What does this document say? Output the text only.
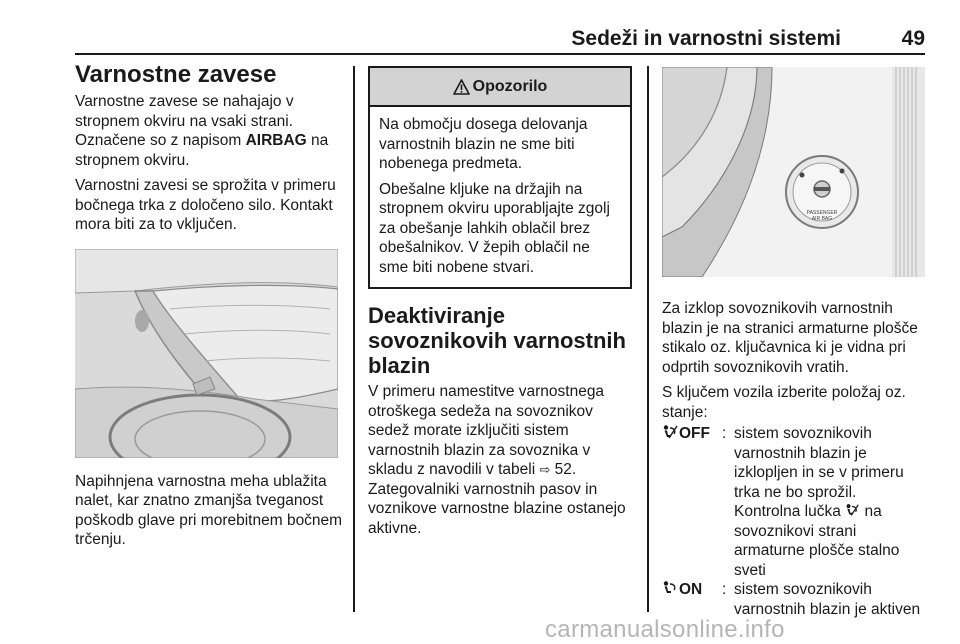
Sedeži in varnostni sistemi	49
Varnostne zavese

Varnostne zavese se nahajajo v stropnem okviru na vsaki strani. Označene so z napisom AIRBAG na stropnem okviru.

Varnostni zavesi se sprožita v primeru bočnega trka z določeno silo. Kontakt mora biti za to vključen.

Napihnjena varnostna meha ublažita nalet, kar znatno zmanjša tveganost poškodb glave pri morebitnem bočnem trčenju.

Opozorilo

Na območju dosega delovanja varnostnih blazin ne sme biti nobenega predmeta.

Obešalne kljuke na držajih na stropnem okviru uporabljajte zgolj za obešanje lahkih oblačil brez obešalnikov. V žepih oblačil ne sme biti nobene stvari.

Deaktiviranje sovoznikovih varnostnih blazin

V primeru namestitve varnostnega otroškega sedeža na sovoznikov sedež morate izključiti sistem varnostnih blazin za sovoznika v skladu z navodili v tabeli ⇨ 52.

Zategovalniki varnostnih pasov in voznikove varnostne blazine ostanejo aktivne.

PASSENGER
AIR BAG

Za izklop sovoznikovih varnostnih blazin je na stranici armaturne plošče stikalo oz. ključavnica ki je vidna pri odprtih sovoznikovih vratih.

S ključem vozila izberite položaj oz. stanje:

OFF : sistem sovoznikovih varnostnih blazin je izklopljen in se v primeru trka ne bo sprožil. Kontrolna lučka  na sovoznikovi strani armaturne plošče stalno sveti
ON : sistem sovoznikovih varnostnih blazin je aktiven
carmanualsonline.info
